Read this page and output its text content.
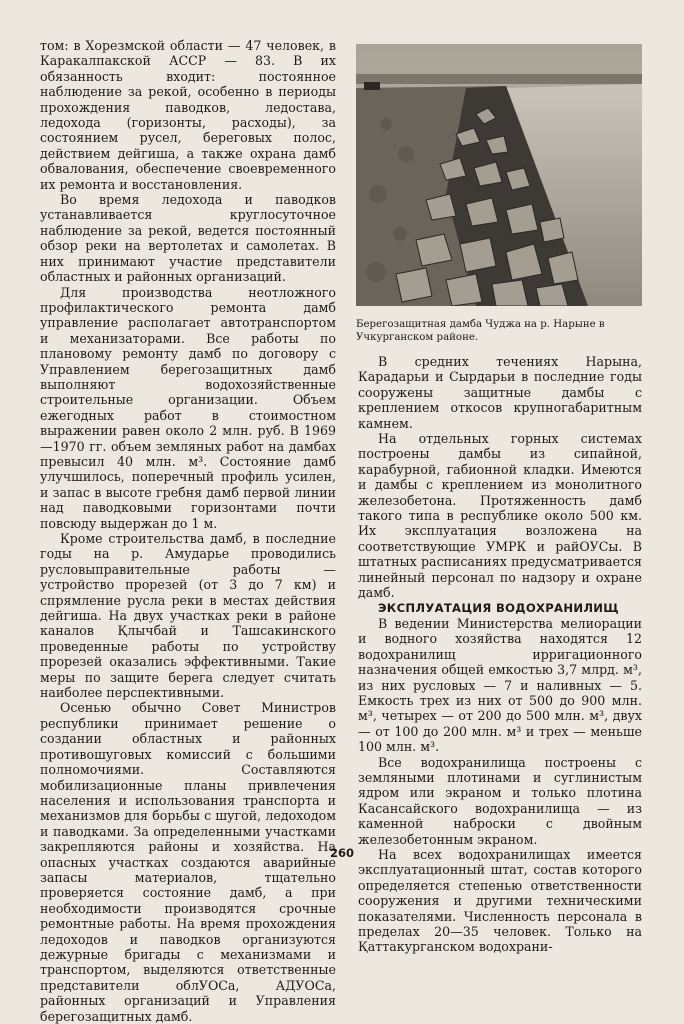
том: в Хорезмской области — 47 человек, в Каракалпакской АССР — 83. В их обязанность входит: постоянное наблюдение за рекой, особенно в периоды прохождения паводков, ледостава, ледохода (горизонты, расходы), за состоянием русел, береговых полос, действием дейгиша, а также охрана дамб обвалования, обеспечение своевременного их ремонта и восстановления.

Во время ледохода и паводков устанавливается круглосуточное наблюдение за рекой, ведется постоянный обзор реки на вертолетах и самолетах. В них принимают участие представители областных и районных организаций.

Для производства неотложного профилактического ремонта дамб управление располагает автотранспортом и механизаторами. Все работы по плановому ремонту дамб по договору с Управлением берегозащитных дамб выполняют водохозяйственные строительные организации. Объем ежегодных работ в стоимостном выражении равен около 2 млн. руб. В 1969—1970 гг. объем земляных работ на дамбах превысил 40 млн. м³. Состояние дамб улучшилось, поперечный профиль усилен, и запас в высоте гребня дамб первой линии над паводковыми горизонтами почти повсюду выдержан до 1 м.

Кроме строительства дамб, в последние годы на р. Амударье проводились русловыправительные работы — устройство прорезей (от 3 до 7 км) и спрямление русла реки в местах действия дейгиша. На двух участках реки в районе каналов Қлычбай и Ташсакинского проведенные работы по устройству прорезей оказались эффективными. Такие меры по защите берега следует считать наиболее перспективными.

Осенью обычно Совет Министров республики принимает решение о создании областных и районных противошуговых комиссий с большими полномочиями. Составляются мобилизационные планы привлечения населения и использования транспорта и механизмов для борьбы с шугой, ледоходом и паводками. За определенными участками закрепляются районы и хозяйства. На опасных участках создаются аварийные запасы материалов, тщательно проверяется состояние дамб, а при необходимости производятся срочные ремонтные работы. На время прохождения ледоходов и паводков организуются дежурные бригады с механизмами и транспортом, выделяются ответственные представители облУОСа, АДУОСа, районных организаций и Управления берегозащитных дамб.

Берегозащитная дамба Чуджа на р. Нарыне в Учкурганском районе.

В средних течениях Нарына, Карадарьи и Сырдарьи в последние годы сооружены защитные дамбы с креплением откосов крупногабаритным камнем.

На отдельных горных системах построены дамбы из сипайной, карабурной, габионной кладки. Имеются и дамбы с креплением из монолитного железобетона. Протяженность дамб такого типа в республике около 500 км. Их эксплуатация возложена на соответствующие УМРК и райОУСы. В штатных расписаниях предусматривается линейный персонал по надзору и охране дамб.

ЭКСПЛУАТАЦИЯ ВОДОХРАНИЛИЩ

В ведении Министерства мелиорации и водного хозяйства находятся 12 водохранилищ ирригационного назначения общей емкостью 3,7 млрд. м³, из них русловых — 7 и наливных — 5. Емкость трех из них от 500 до 900 млн. м³, четырех — от 200 до 500 млн. м³, двух — от 100 до 200 млн. м³ и трех — меньше 100 млн. м³.

Все водохранилища построены с земляными плотинами и суглинистым ядром или экраном и только плотина Касансайского водохранилища — из каменной наброски с двойным железобетонным экраном.

На всех водохранилищах имеется эксплуатационный штат, состав которого определяется степенью ответственности сооружения и другими техническими показателями. Численность персонала в пределах 20—35 человек. Только на Қаттакурганском водохрани-

260
